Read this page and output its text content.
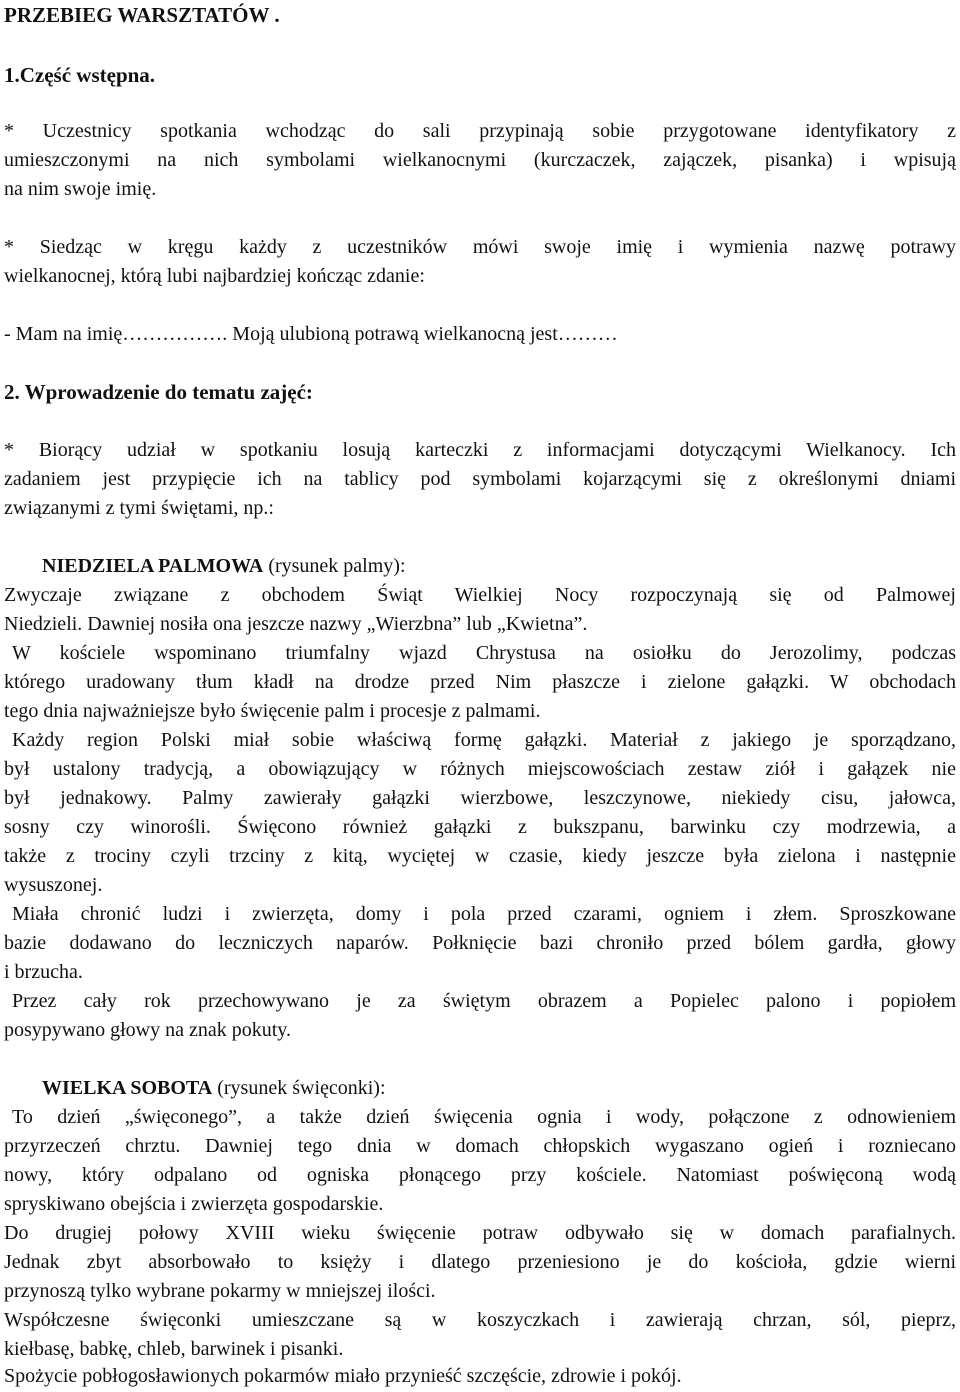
PRZEBIEG WARSZTATÓW .
1.Część wstępna.
* Uczestnicy spotkania wchodząc do sali przypinają sobie przygotowane identyfikatory z
umieszczonymi na nich symbolami wielkanocnymi (kurczaczek, zajączek, pisanka) i wpisują
na nim swoje imię.
* Siedząc w kręgu każdy z uczestników mówi swoje imię i wymienia nazwę potrawy
wielkanocnej, którą lubi najbardziej kończąc zdanie:
- Mam na imię……………. Moją ulubioną potrawą wielkanocną jest………
2. Wprowadzenie do tematu zajęć:
* Biorący udział w spotkaniu losują karteczki z informacjami dotyczącymi Wielkanocy. Ich
zadaniem jest przypięcie ich na tablicy pod symbolami kojarzącymi się z określonymi dniami
związanymi z tymi świętami, np.:
NIEDZIELA PALMOWA (rysunek palmy):
Zwyczaje związane z obchodem Świąt Wielkiej Nocy rozpoczynają się od Palmowej
Niedzieli. Dawniej nosiła ona jeszcze nazwy „Wierzbna” lub „Kwietna”.
W kościele wspominano triumfalny wjazd Chrystusa na osiołku do Jerozolimy, podczas
którego uradowany tłum kładł na drodze przed Nim płaszcze i zielone gałązki. W obchodach
tego dnia najważniejsze było święcenie palm i procesje z palmami.
Każdy region Polski miał sobie właściwą formę gałązki. Materiał z jakiego je sporządzano,
był ustalony tradycją, a obowiązujący w różnych miejscowościach zestaw ziół i gałązek nie
był jednakowy. Palmy zawierały gałązki wierzbowe, leszczynowe, niekiedy cisu, jałowca,
sosny czy winorośli. Święcono również gałązki z bukszpanu, barwinku czy modrzewia, a
także z trociny czyli trzciny z kitą, wyciętej w czasie, kiedy jeszcze była zielona i następnie
wysuszonej.
Miała chronić ludzi i zwierzęta, domy i pola przed czarami, ogniem i złem. Sproszkowane
bazie dodawano do leczniczych naparów. Połknięcie bazi chroniło przed bólem gardła, głowy
i brzucha.
Przez cały rok przechowywano je za świętym obrazem a Popielec palono i popiołem
posypywano głowy na znak pokuty.
WIELKA SOBOTA (rysunek święconki):
To dzień „święconego”, a także dzień święcenia ognia i wody, połączone z odnowieniem
przyrzeczeń chrztu. Dawniej tego dnia w domach chłopskich wygaszano ogień i rozniecano
nowy, który odpalano od ogniska płonącego przy kościele. Natomiast poświęconą wodą
spryskiwano obejścia i zwierzęta gospodarskie.
Do drugiej połowy XVIII wieku święcenie potraw odbywało się w domach parafialnych.
Jednak zbyt absorbowało to księży i dlatego przeniesiono je do kościoła, gdzie wierni
przynoszą tylko wybrane pokarmy w mniejszej ilości.
Współczesne święconki umieszczane są w koszyczkach i zawierają chrzan, sól, pieprz,
kiełbasę, babkę, chleb, barwinek i pisanki.
Spożycie pobłogosławionych pokarmów miało przynieść szczęście, zdrowie i pokój.
